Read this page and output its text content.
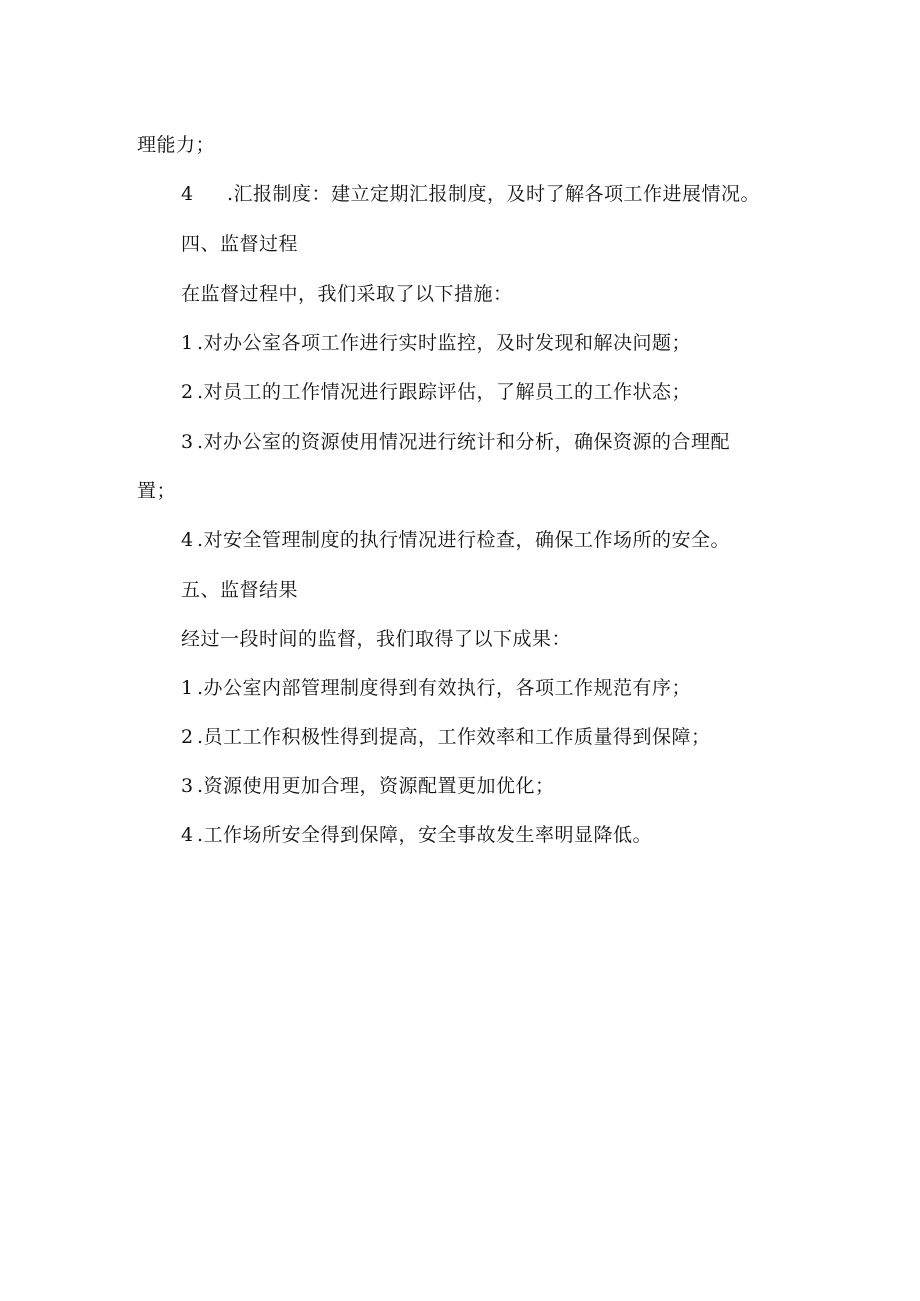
理能力；
4 .汇报制度：建立定期汇报制度，及时了解各项工作进展情况。
四、监督过程
在监督过程中，我们采取了以下措施：
1 .对办公室各项工作进行实时监控，及时发现和解决问题；
2 .对员工的工作情况进行跟踪评估，了解员工的工作状态；
3 .对办公室的资源使用情况进行统计和分析，确保资源的合理配
置；
4 .对安全管理制度的执行情况进行检查，确保工作场所的安全。
五、监督结果
经过一段时间的监督，我们取得了以下成果：
1 .办公室内部管理制度得到有效执行，各项工作规范有序；
2 .员工工作积极性得到提高，工作效率和工作质量得到保障；
3 .资源使用更加合理，资源配置更加优化；
4 .工作场所安全得到保障，安全事故发生率明显降低。
